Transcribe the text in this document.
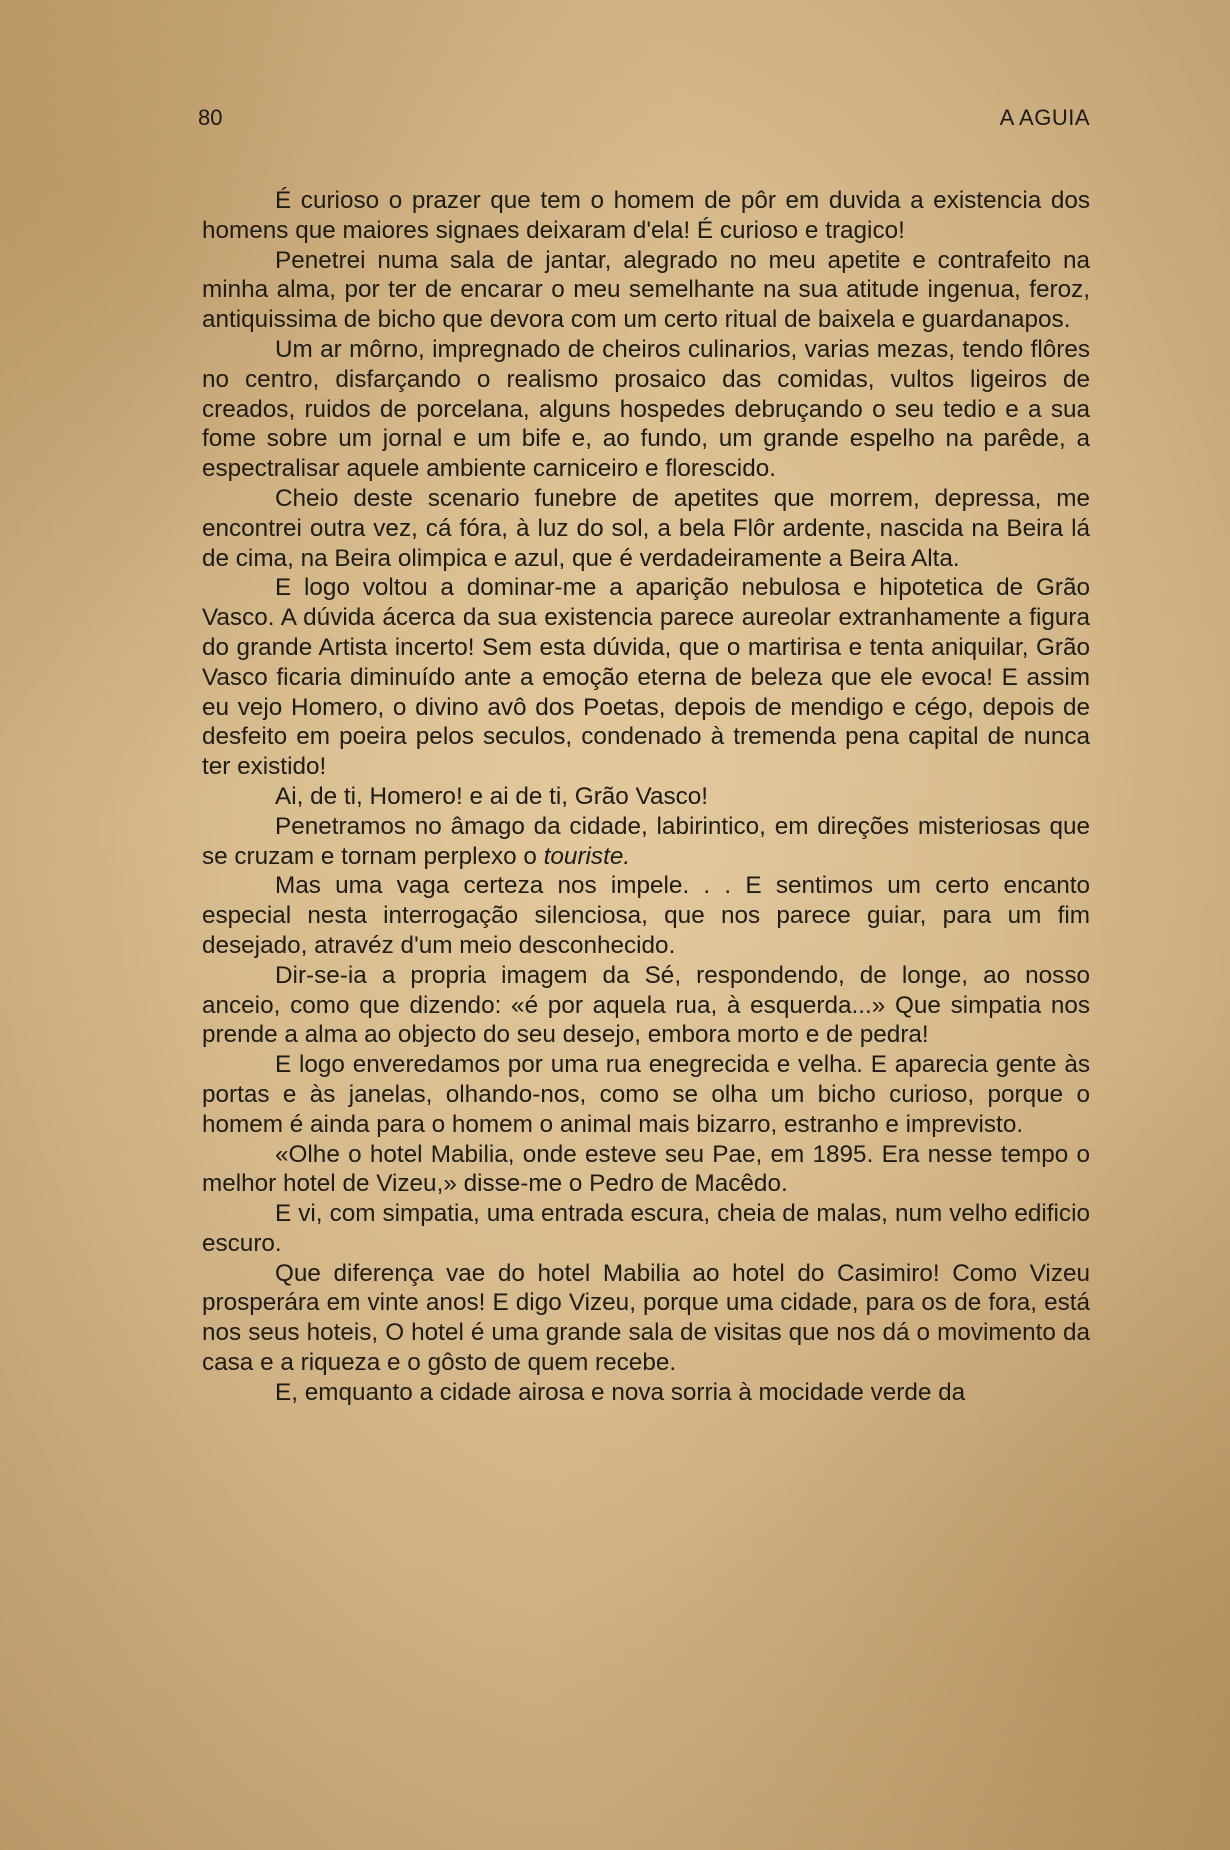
80	A AGUIA

É curioso o prazer que tem o homem de pôr em duvida a existencia dos homens que maiores signaes deixaram d'ela! É curioso e tragico!

Penetrei numa sala de jantar, alegrado no meu apetite e contrafeito na minha alma, por ter de encarar o meu semelhante na sua atitude ingenua, feroz, antiquissima de bicho que devora com um certo ritual de baixela e guardanapos.

Um ar môrno, impregnado de cheiros culinarios, varias mezas, tendo flôres no centro, disfarçando o realismo prosaico das comidas, vultos ligeiros de creados, ruidos de porcelana, alguns hospedes debruçando o seu tedio e a sua fome sobre um jornal e um bife e, ao fundo, um grande espelho na parêde, a espectralisar aquele ambiente carniceiro e florescido.

Cheio deste scenario funebre de apetites que morrem, depressa, me encontrei outra vez, cá fóra, à luz do sol, a bela Flôr ardente, nascida na Beira lá de cima, na Beira olimpica e azul, que é verdadeiramente a Beira Alta.

E logo voltou a dominar-me a aparição nebulosa e hipotetica de Grão Vasco. A dúvida ácerca da sua existencia parece aureolar extranhamente a figura do grande Artista incerto! Sem esta dúvida, que o martirisa e tenta aniquilar, Grão Vasco ficaria diminuído ante a emoção eterna de beleza que ele evoca! E assim eu vejo Homero, o divino avô dos Poetas, depois de mendigo e cégo, depois de desfeito em poeira pelos seculos, condenado à tremenda pena capital de nunca ter existido!

Ai, de ti, Homero! e ai de ti, Grão Vasco!

Penetramos no âmago da cidade, labirintico, em direções misteriosas que se cruzam e tornam perplexo o touriste.

Mas uma vaga certeza nos impele. . . E sentimos um certo encanto especial nesta interrogação silenciosa, que nos parece guiar, para um fim desejado, atravéz d'um meio desconhecido.

Dir-se-ia a propria imagem da Sé, respondendo, de longe, ao nosso anceio, como que dizendo: «é por aquela rua, à esquerda...» Que simpatia nos prende a alma ao objecto do seu desejo, embora morto e de pedra!

E logo enveredamos por uma rua enegrecida e velha. E aparecia gente às portas e às janelas, olhando-nos, como se olha um bicho curioso, porque o homem é ainda para o homem o animal mais bizarro, estranho e imprevisto.

«Olhe o hotel Mabilia, onde esteve seu Pae, em 1895. Era nesse tempo o melhor hotel de Vizeu,» disse-me o Pedro de Macêdo.

E vi, com simpatia, uma entrada escura, cheia de malas, num velho edificio escuro.

Que diferença vae do hotel Mabilia ao hotel do Casimiro! Como Vizeu prosperára em vinte anos! E digo Vizeu, porque uma cidade, para os de fora, está nos seus hoteis, O hotel é uma grande sala de visitas que nos dá o movimento da casa e a riqueza e o gôsto de quem recebe.

E, emquanto a cidade airosa e nova sorria à mocidade verde da
